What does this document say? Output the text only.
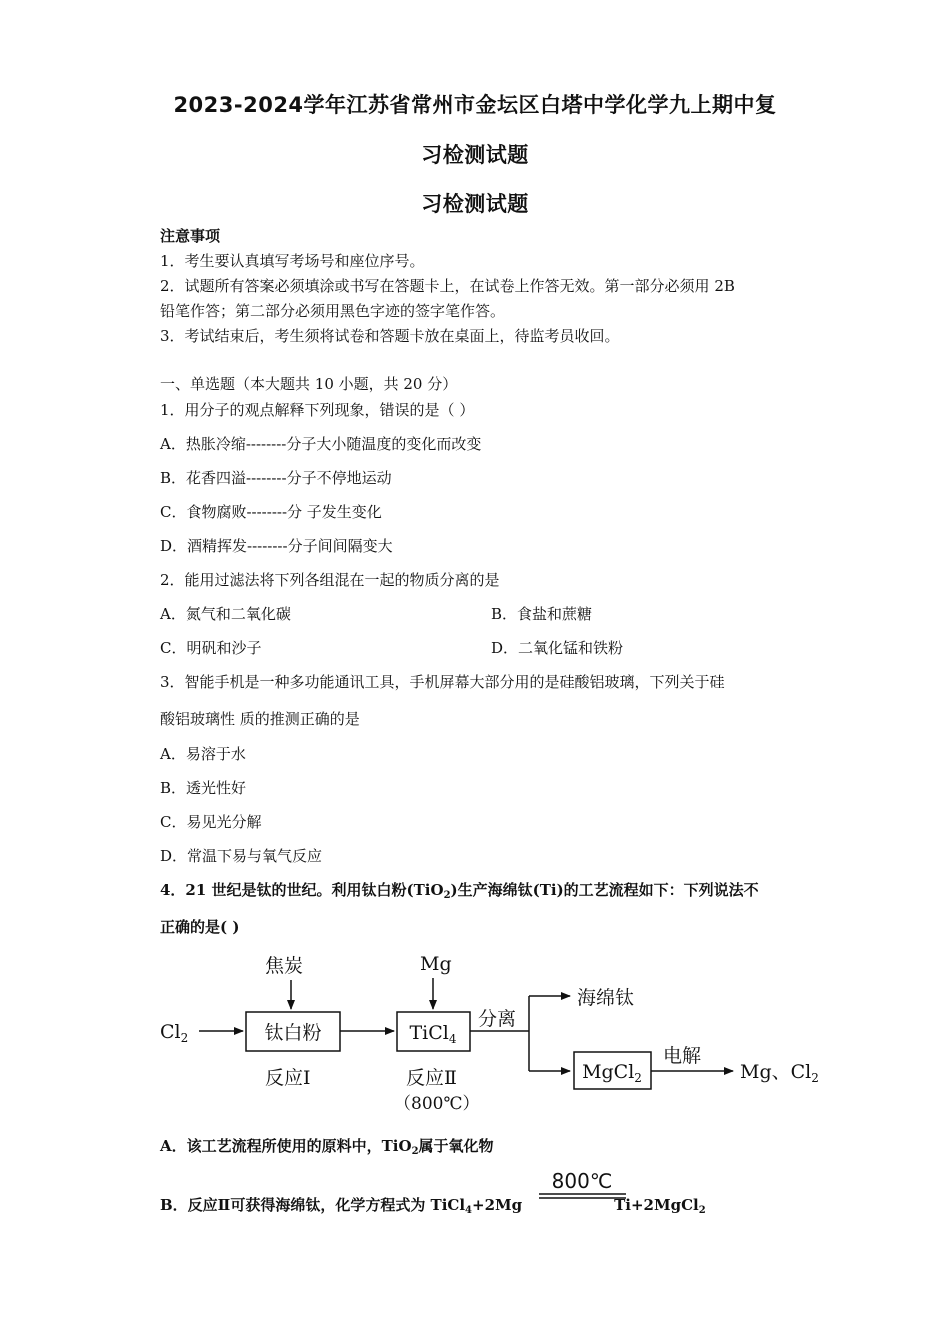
2023-2024学年江苏省常州市金坛区白塔中学化学九上期中复
习检测试题
习检测试题
注意事项
1．考生要认真填写考场号和座位序号。
2．试题所有答案必须填涂或书写在答题卡上，在试卷上作答无效。第一部分必须用 2B
铅笔作答；第二部分必须用黑色字迹的签字笔作答。
3．考试结束后，考生须将试卷和答题卡放在桌面上，待监考员收回。
一、单选题（本大题共 10 小题，共 20 分）
1．用分子的观点解释下列现象，错误的是（ ）
A．热胀冷缩--------分子大小随温度的变化而改变
B．花香四溢--------分子不停地运动
C．食物腐败--------分 子发生变化
D．酒精挥发--------分子间间隔变大
2．能用过滤法将下列各组混在一起的物质分离的是
A．氮气和二氧化碳	B．食盐和蔗糖
C．明矾和沙子	D．二氧化锰和铁粉
3．智能手机是一种多功能通讯工具，手机屏幕大部分用的是硅酸铝玻璃，下列关于硅
酸铝玻璃性 质的推测正确的是
A．易溶于水
B．透光性好
C．易见光分解
D．常温下易与氧气反应
4．21 世纪是钛的世纪。利用钛白粉(TiO$_2$)生产海绵钛(Ti)的工艺流程如下：下列说法不
正确的是( )
焦炭	Mg
$Cl_2$	钛白粉
反应Ⅰ
TiCl$_4$
反应Ⅱ
（800℃）
分离
海绵钛
MgCl$_2$
电解
Mg、$Cl_2$
A．该工艺流程所使用的原料中，TiO$_2$属于氧化物
B．反应Ⅱ可获得海绵钛，化学方程式为 TiCl$_4$+2Mg	Ti+2MgCl$_2$
800℃
